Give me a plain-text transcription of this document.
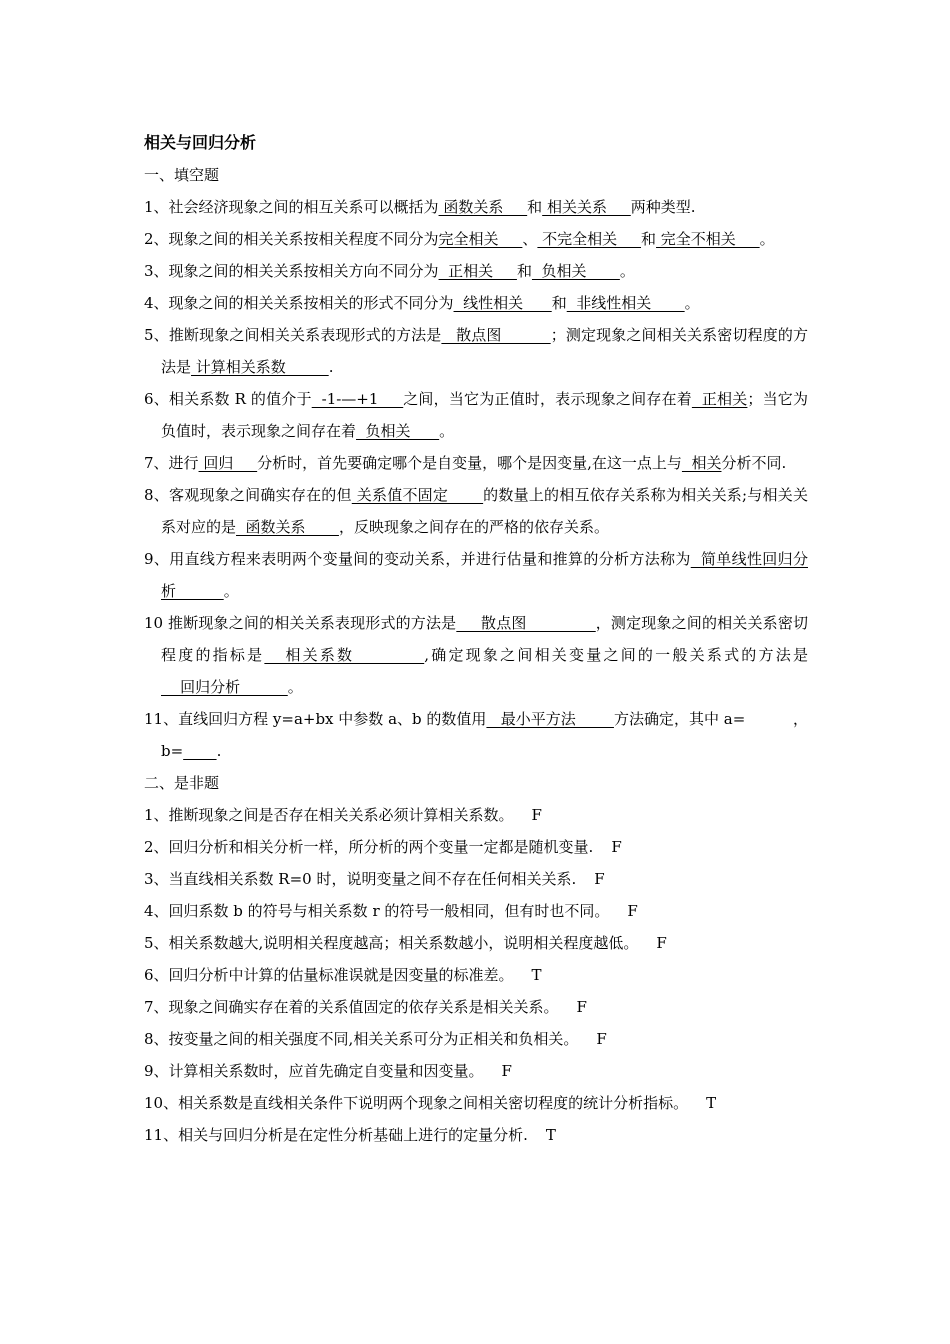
相关与回归分析

一、填空题

1、社会经济现象之间的相互关系可以概括为 函数关系     和 相关关系     两种类型.

2、现象之间的相关关系按相关程度不同分为完全相关     、 不完全相关     和 完全不相关     。

3、现象之间的相关关系按相关方向不同分为  正相关     和  负相关       。

4、现象之间的相关关系按相关的形式不同分为  线性相关      和  非线性相关       。

5、推断现象之间相关关系表现形式的方法是   散点图          ；测定现象之间相关关系密切程度的方法是 计算相关系数         .

6、相关系数 R 的值介于  -1-—+1     之间，当它为正值时，表示现象之间存在着  正相关；当它为负值时，表示现象之间存在着  负相关      。

7、进行 回归     分析时，首先要确定哪个是自变量，哪个是因变量,在这一点上与  相关分析不同.

8、客观现象之间确实存在的但 关系值不固定       的数量上的相互依存关系称为相关关系;与相关关系对应的是  函数关系       ，反映现象之间存在的严格的依存关系。

9、用直线方程来表明两个变量间的变动关系，并进行估量和推算的分析方法称为  简单线性回归分析          。

10 推断现象之间的相关关系表现形式的方法是     散点图              ，测定现象之间的相关关系密切程度的指标是   相关系数          ,确定现象之间相关变量之间的一般关系式的方法是    回归分析          。

11、直线回归方程 y=a+bx 中参数 a、b 的数值用   最小平方法        方法确定，其中 a=          ，b= .

二、是非题

1、推断现象之间是否存在相关关系必须计算相关系数。 F

2、回归分析和相关分析一样，所分析的两个变量一定都是随机变量. F

3、当直线相关系数 R=0 时，说明变量之间不存在任何相关关系. F

4、回归系数 b 的符号与相关系数 r 的符号一般相同，但有时也不同。 F

5、相关系数越大,说明相关程度越高；相关系数越小，说明相关程度越低。 F

6、回归分析中计算的估量标准误就是因变量的标准差。 T

7、现象之间确实存在着的关系值固定的依存关系是相关关系。 F

8、按变量之间的相关强度不同,相关关系可分为正相关和负相关。 F

9、计算相关系数时，应首先确定自变量和因变量。 F

10、相关系数是直线相关条件下说明两个现象之间相关密切程度的统计分析指标。 T

11、相关与回归分析是在定性分析基础上进行的定量分析. T
